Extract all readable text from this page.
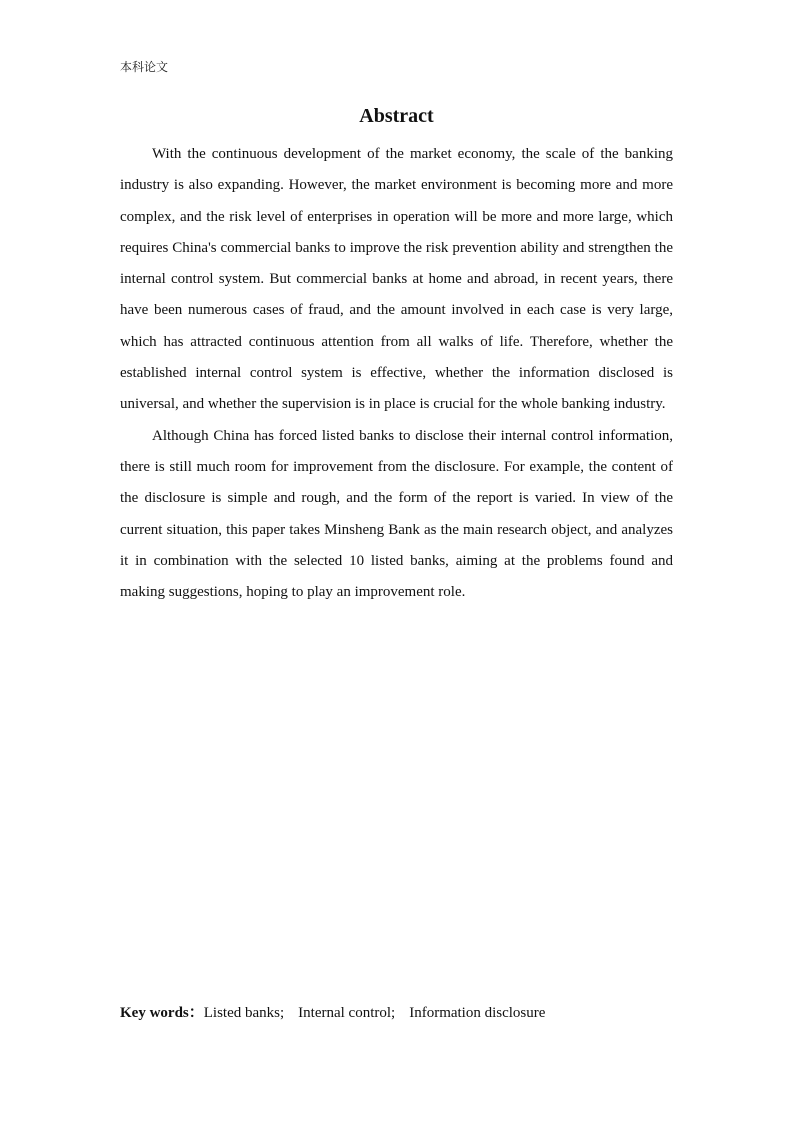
本科论文
Abstract

With the continuous development of the market economy, the scale of the banking industry is also expanding. However, the market environment is becoming more and more complex, and the risk level of enterprises in operation will be more and more large, which requires China's commercial banks to improve the risk prevention ability and strengthen the internal control system. But commercial banks at home and abroad, in recent years, there have been numerous cases of fraud, and the amount involved in each case is very large, which has attracted continuous attention from all walks of life. Therefore, whether the established internal control system is effective, whether the information disclosed is universal, and whether the supervision is in place is crucial for the whole banking industry.

Although China has forced listed banks to disclose their internal control information, there is still much room for improvement from the disclosure. For example, the content of the disclosure is simple and rough, and the form of the report is varied. In view of the current situation, this paper takes Minsheng Bank as the main research object, and analyzes it in combination with the selected 10 listed banks, aiming at the problems found and making suggestions, hoping to play an improvement role.

Key words：Listed banks; Internal control; Information disclosure
